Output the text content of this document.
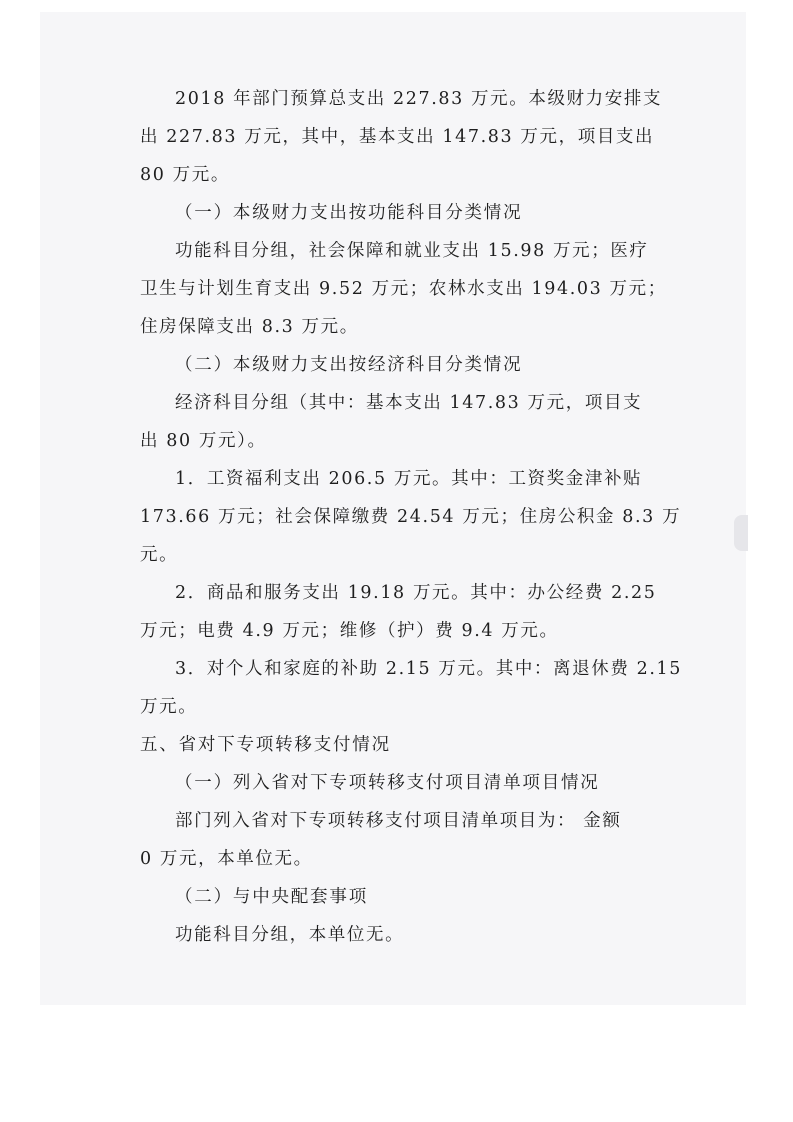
2018 年部门预算总支出 227.83 万元。本级财力安排支

出 227.83 万元，其中，基本支出 147.83 万元，项目支出

80 万元。

（一）本级财力支出按功能科目分类情况

功能科目分组，社会保障和就业支出 15.98 万元；医疗

卫生与计划生育支出 9.52 万元；农林水支出 194.03 万元；

住房保障支出 8.3 万元。

（二）本级财力支出按经济科目分类情况

经济科目分组（其中：基本支出 147.83 万元，项目支

出 80 万元）。

1．工资福利支出 206.5 万元。其中：工资奖金津补贴

173.66 万元；社会保障缴费 24.54 万元；住房公积金 8.3 万

元。

2．商品和服务支出 19.18 万元。其中：办公经费 2.25

万元；电费 4.9 万元；维修（护）费 9.4 万元。

3．对个人和家庭的补助 2.15 万元。其中：离退休费 2.15

万元。

五、省对下专项转移支付情况

（一）列入省对下专项转移支付项目清单项目情况

部门列入省对下专项转移支付项目清单项目为： 金额

0 万元，本单位无。

（二）与中央配套事项

功能科目分组，本单位无。
